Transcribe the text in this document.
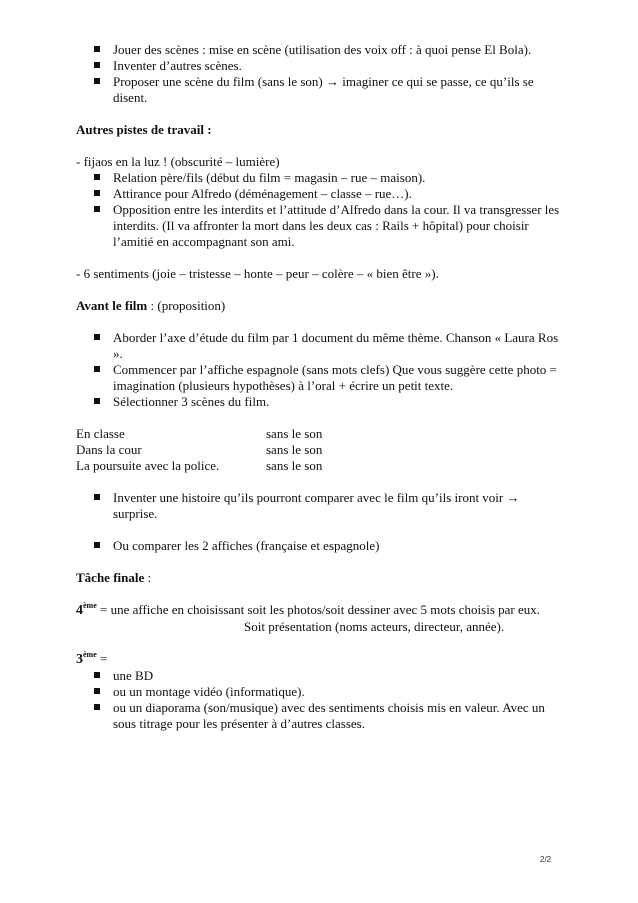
Jouer des scènes : mise en scène (utilisation des voix off : à quoi pense El Bola).
Inventer d’autres scènes.
Proposer une scène du film (sans le son) → imaginer ce qui se passe, ce qu’ils se disent.

Autres pistes de travail :

- fijaos en la luz ! (obscurité – lumière)

Relation père/fils (début du film = magasin – rue – maison).
Attirance pour Alfredo (déménagement – classe – rue…).
Opposition entre les interdits et l’attitude d’Alfredo dans la cour. Il va transgresser les interdits. (Il va affronter la mort dans les deux cas : Rails + hôpital) pour choisir l’amitié en accompagnant son ami.

- 6 sentiments (joie – tristesse – honte – peur – colère – « bien être »).

Avant le film : (proposition)

Aborder l’axe d’étude du film par 1 document du même thème. Chanson « Laura Ros ».
Commencer par l’affiche espagnole (sans mots clefs) Que vous suggère cette photo = imagination (plusieurs hypothèses) à l’oral + écrire un petit texte.
Sélectionner 3 scènes du film.
En classe	sans le son
Dans la cour	sans le son
La poursuite avec la police.	sans le son
Inventer une histoire qu’ils pourront comparer avec le film qu’ils iront voir → surprise.
Ou comparer les 2 affiches (française et espagnole)

Tâche finale :

4ème = une affiche en choisissant soit les photos/soit dessiner avec 5 mots choisis par eux.

Soit présentation (noms acteurs, directeur, année).

3ème =

une BD
ou un montage vidéo (informatique).
ou un diaporama (son/musique) avec des sentiments choisis mis en valeur. Avec un sous titrage pour les présenter à d’autres classes.
2/2
